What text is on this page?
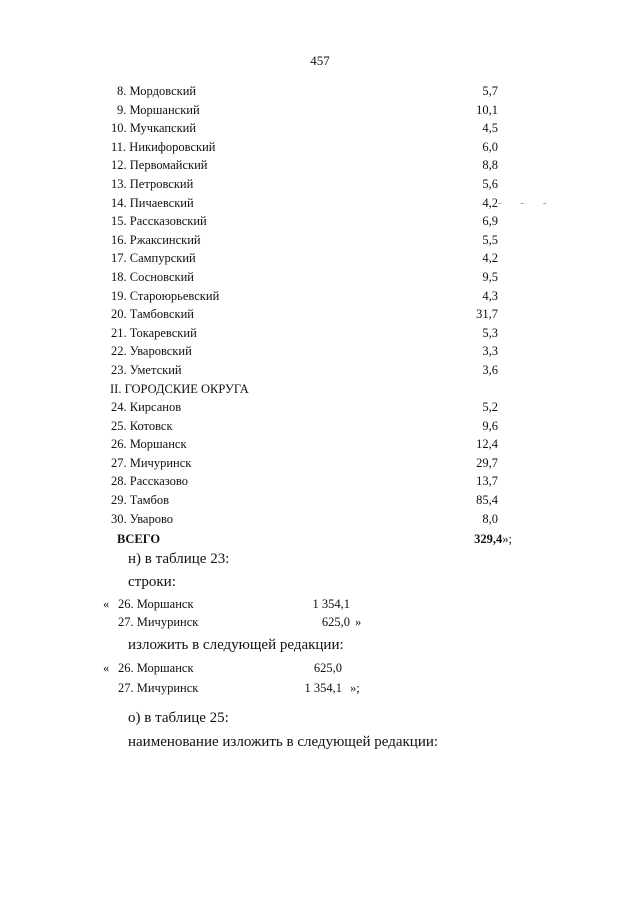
457
8. Мордовский	5,7
9. Моршанский	10,1
10. Мучкапский	4,5
11. Никифоровский	6,0
12. Первомайский	8,8
13. Петровский	5,6
14. Пичаевский	4,2
15. Рассказовский	6,9
16. Ржаксинский	5,5
17. Сампурский	4,2
18. Сосновский	9,5
19. Староюрьевский	4,3
20. Тамбовский	31,7
21. Токаревский	5,3
22. Уваровский	3,3
23. Уметский	3,6
II. ГОРОДСКИЕ ОКРУГА
24. Кирсанов	5,2
25. Котовск	9,6
26. Моршанск	12,4
27. Мичуринск	29,7
28. Рассказово	13,7
29. Тамбов	85,4
30. Уварово	8,0
ВСЕГО	329,4»;
- - -
н) в таблице 23:
строки:
« 26. Моршанск	1 354,1
27. Мичуринск	625,0 »
изложить в следующей редакции:
« 26. Моршанск	625,0
27. Мичуринск	1 354,1 »;
о) в таблице 25:
наименование изложить в следующей редакции:
